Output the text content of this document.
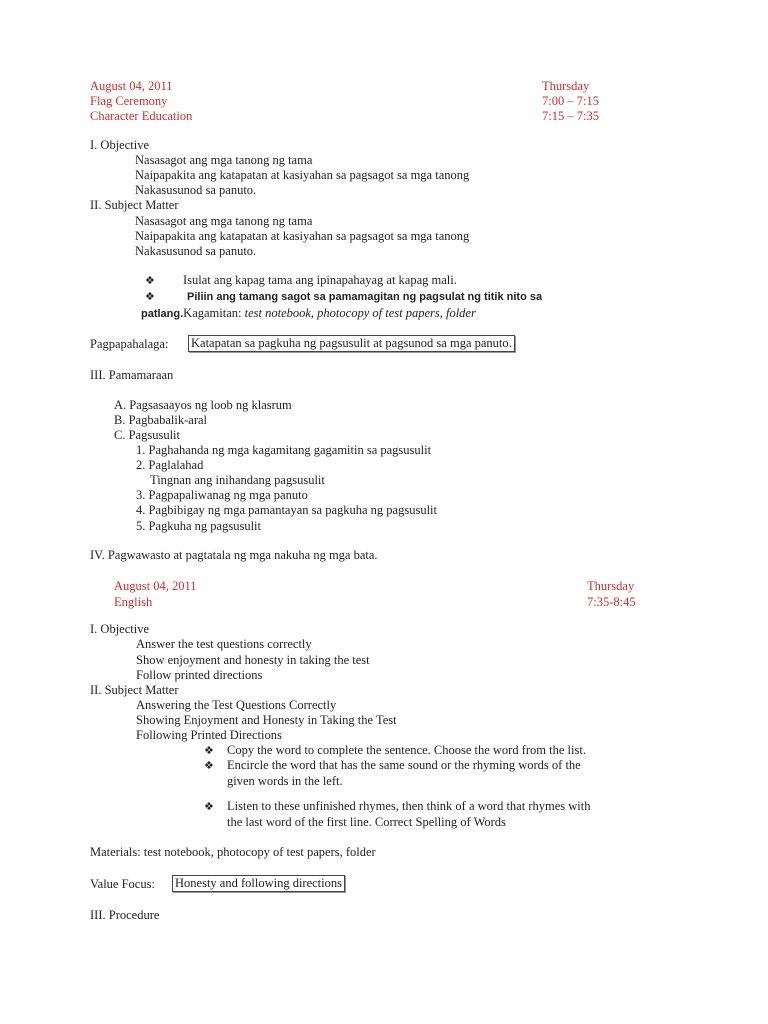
August 04, 2011	Thursday
Flag Ceremony	7:00 – 7:15
Character Education	7:15 – 7:35
I. Objective
Nasasagot ang mga tanong ng tama
Naipapakita ang katapatan at kasiyahan sa pagsagot sa mga tanong
Nakasusunod sa panuto.
II. Subject Matter
Nasasagot ang mga tanong ng tama
Naipapakita ang katapatan at kasiyahan sa pagsagot sa mga tanong
Nakasusunod sa panuto.
❖ Isulat ang kapag tama ang ipinapahayag at kapag mali.
❖	Piliin ang tamang sagot sa pamamagitan ng pagsulat ng titik nito sa
patlang.Kagamitan: test notebook, photocopy of test papers, folder
Pagpapahalaga: Katapatan sa pagkuha ng pagsusulit at pagsunod sa mga panuto.
III. Pamamaraan
A. Pagsasaayos ng loob ng klasrum
B. Pagbabalik-aral
C. Pagsusulit
1. Paghahanda ng mga kagamitang gagamitin sa pagsusulit
2. Paglalahad
Tingnan ang inihandang pagsusulit
3. Pagpapaliwanag ng mga panuto
4. Pagbibigay ng mga pamantayan sa pagkuha ng pagsusulit
5. Pagkuha ng pagsusulit
IV. Pagwawasto at pagtatala ng mga nakuha ng mga bata.
August 04, 2011	Thursday
English	7:35-8:45
I. Objective
Answer the test questions correctly
Show enjoyment and honesty in taking the test
Follow printed directions
II. Subject Matter
Answering the Test Questions Correctly
Showing Enjoyment and Honesty in Taking the Test
Following Printed Directions
❖ Copy the word to complete the sentence. Choose the word from the list.
❖ Encircle the word that has the same sound or the rhyming words of the
given words in the left.
❖ Listen to these unfinished rhymes, then think of a word that rhymes with
the last word of the first line. Correct Spelling of Words
Materials: test notebook, photocopy of test papers, folder
Value Focus: Honesty and following directions
III. Procedure
